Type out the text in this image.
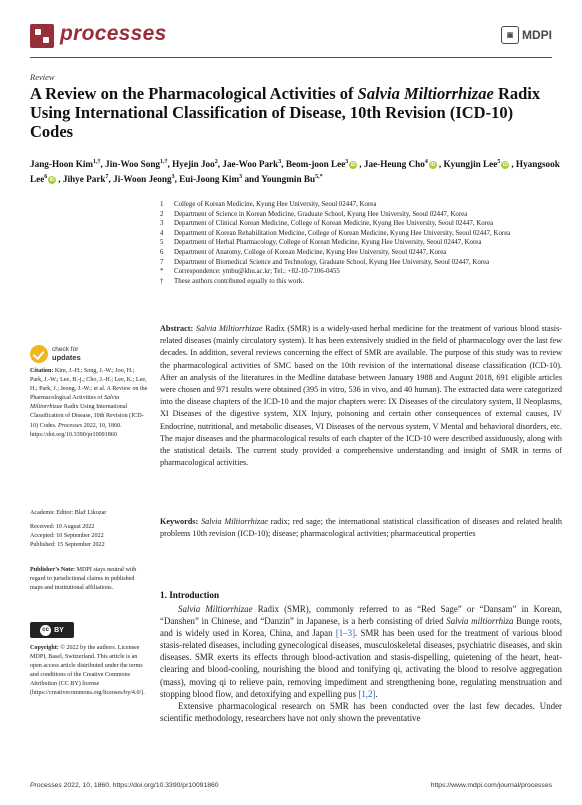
processes	▣ MDPI
Review
A Review on the Pharmacological Activities of Salvia Miltiorrhizae Radix Using International Classification of Disease, 10th Revision (ICD-10) Codes
Jang-Hoon Kim$^{1,\dagger}$, Jin-Woo Song$^{1,\dagger}$, Hyejin Joo$^2$, Jae-Woo Park$^3$, Beom-joon Lee$^3$ iD , Jae-Heung Cho$^4$ iD , Kyungjin Lee$^5$ iD , Hyangsook Lee$^6$ iD , Jihye Park$^7$, Ji-Woon Jeong$^3$, Eui-Joong Kim$^3$ and Youngmin $Bu^{5,*}$
1	College of Korean Medicine, Kyung Hee University, Seoul 02447, Korea
2	Department of Science in Korean Medicine, Graduate School, Kyung Hee University, Seoul 02447, Korea
3	Department of Clinical Korean Medicine, College of Korean Medicine, Kyung Hee University, Seoul 02447, Korea
4	Department of Korean Rehabilitation Medicine, College of Korean Medicine, Kyung Hee University, Seoul 02447, Korea
5	Department of Herbal Pharmacology, College of Korean Medicine, Kyung Hee University, Seoul 02447, Korea
6	Department of Anatomy, College of Korean Medicine, Kyung Hee University, Seoul 02447, Korea
7	Department of Biomedical Science and Technology, Graduate School, Kyung Hee University, Seoul 02447, Korea
*	Correspondence: ymbu@khu.ac.kr; Tel.: +82-10-7106-0455
†	These authors contributed equally to this work.
check for
updates
Citation: Kim, J.-H.; Song, J.-W.; Joo, H.; Park, J.-W.; Lee, B.-j.; Cho, J.-H.; Lee, K.; Lee, H.; Park, J.; Jeong, J.-W.; et al. A Review on the Pharmacological Activities of Salvia Miltiorrhizae Radix Using International Classification of Disease, 10th Revision (ICD-10) Codes. Processes 2022, 10, 1860. https://doi.org/10.3390/pr10091860
Academic Editor: Blaž Likozar
Received: 10 August 2022
Accepted: 10 September 2022
Published: 15 September 2022
Publisher’s Note: MDPI stays neutral with regard to jurisdictional claims in published maps and institutional affiliations.
cc BY
Copyright: © 2022 by the authors. Licensee MDPI, Basel, Switzerland. This article is an open access article distributed under the terms and conditions of the Creative Commons Attribution (CC BY) license (https://creativecommons.org/licenses/by/4.0/).
Abstract: Salvia Miltiorrhizae Radix (SMR) is a widely-used herbal medicine for the treatment of various blood stasis-related diseases (mainly circulatory system). It has been extensively studied in the field of pharmacology over the last few decades. In addition, several reviews concerning the effect of SMR are available. The purpose of this study was to review the pharmacological activities of SMC based on the 10th revision of the international disease classification (ICD-10). After an analysis of the literatures in the Medline database between January 1988 and August 2018, 691 eligible articles were chosen and 971 results were obtained (395 in vitro, 536 in vivo, and 40 human). The extracted data were categorized into the disease chapters of the ICD-10 and the major chapters were: IX Diseases of the circulatory system, II Neoplasms, XI Diseases of the digestive system, XIX Injury, poisoning and certain other consequences of external causes, IV Endocrine, nutritional, and metabolic diseases, VI Diseases of the nervous system, V Mental and behavioral disorders, etc. The major diseases and the pharmacological results of each chapter of the ICD-10 were described assiduously, along with the statistical details. The current study provided a comprehensive understanding and insight of SMR in terms of pharmacological activities.
Keywords: Salvia Miltiorrhizae radix; red sage; the international statistical classification of diseases and related health problems 10th revision (ICD-10); disease; pharmacological activities; pharmaceutical properties
1. Introduction

Salvia Miltiorrhizae Radix (SMR), commonly referred to as “Red Sage” or “Dansam” in Korean, “Danshen” in Chinese, and “Danzin” in Japanese, is a herb consisting of dried Salvia miltiorrhiza Bunge roots, and is widely used in Korea, China, and Japan [1–3]. SMR has been used for the treatment of various blood stasis-related diseases, including gynecological diseases, musculoskeletal diseases, psychiatric diseases, and skin diseases. SMR exerts its effects through blood-activation and stasis-dispelling, quietening of the heart, heat-clearing and blood-cooling, nourishing the blood and tonifying qi, activating the blood to resolve aggregation (mass), moving qi to relieve pain, removing impediment and strengthening bone, regulating menstruation and stopping blood flow, and detoxifying and expelling pus [1,2].

Extensive pharmacological research on SMR has been conducted over the last few decades. Under scientific methodology, researchers have not only shown the preventative

Processes 2022, 10, 1860. https://doi.org/10.3390/pr10091860	https://www.mdpi.com/journal/processes
